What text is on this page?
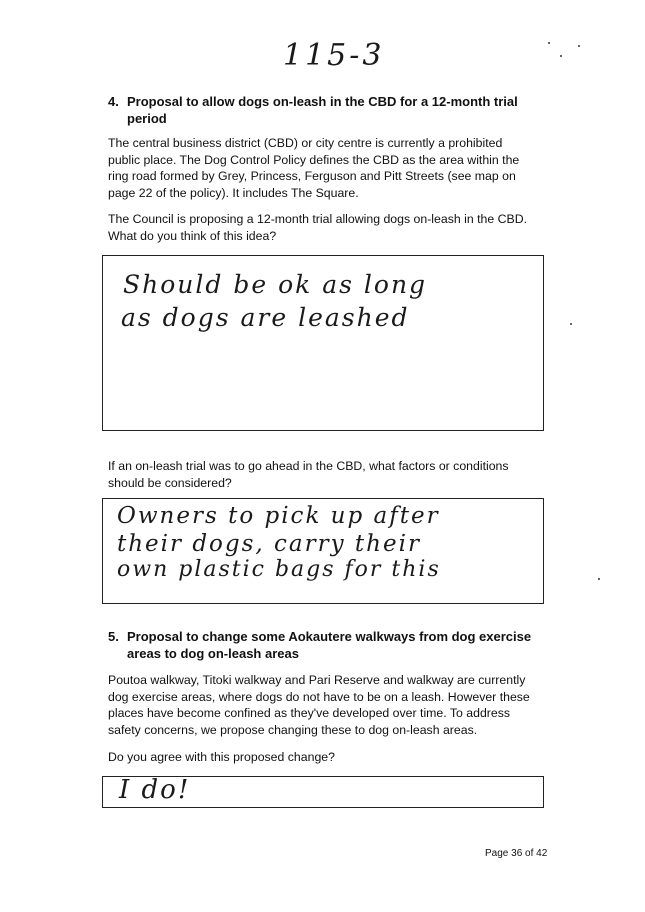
115-3
4. Proposal to allow dogs on-leash in the CBD for a 12-month trial
period
The central business district (CBD) or city centre is currently a prohibited
public place. The Dog Control Policy defines the CBD as the area within the
ring road formed by Grey, Princess, Ferguson and Pitt Streets (see map on
page 22 of the policy). It includes The Square.
The Council is proposing a 12-month trial allowing dogs on-leash in the CBD.
What do you think of this idea?
Should be ok as long
as dogs are leashed
If an on-leash trial was to go ahead in the CBD, what factors or conditions
should be considered?
Owners to pick up after
their dogs, carry their
own plastic bags for this
5. Proposal to change some Aokautere walkways from dog exercise
areas to dog on-leash areas
Poutoa walkway, Titoki walkway and Pari Reserve and walkway are currently
dog exercise areas, where dogs do not have to be on a leash. However these
places have become confined as they've developed over time. To address
safety concerns, we propose changing these to dog on-leash areas.
Do you agree with this proposed change?
I do!
Page 36 of 42
